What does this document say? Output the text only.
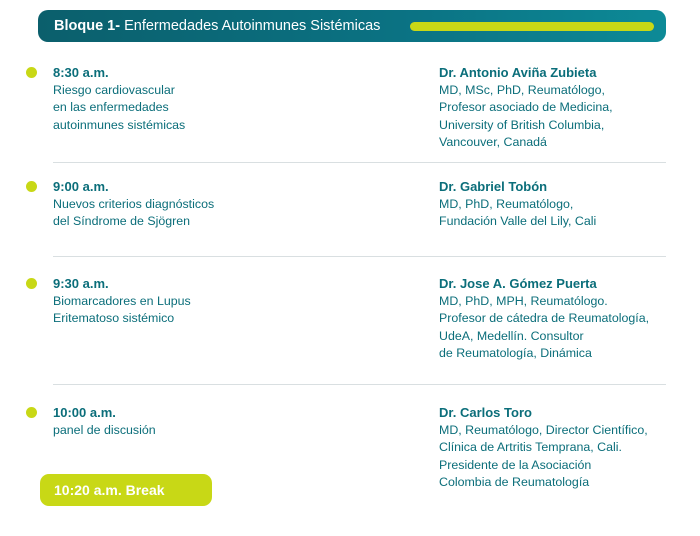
Bloque 1- Enfermedades Autoinmunes Sistémicas
8:30 a.m.
Riesgo cardiovascular
en las enfermedades
autoinmunes sistémicas
Dr. Antonio Aviña Zubieta
MD, MSc, PhD, Reumatólogo,
Profesor asociado de Medicina,
University of British Columbia,
Vancouver, Canadá
9:00 a.m.
Nuevos criterios diagnósticos
del Síndrome de Sjögren
Dr. Gabriel Tobón
MD, PhD, Reumatólogo,
Fundación Valle del Lily, Cali
9:30 a.m.
Biomarcadores en Lupus
Eritematoso sistémico
Dr. Jose A. Gómez Puerta
MD, PhD, MPH, Reumatólogo.
Profesor de cátedra de Reumatología,
UdeA, Medellín. Consultor
de Reumatología, Dinámica
10:00 a.m.
panel de discusión
Dr. Carlos Toro
MD, Reumatólogo, Director Científico,
Clínica de Artritis Temprana, Cali.
Presidente de la Asociación
Colombia de Reumatología
10:20 a.m. Break
